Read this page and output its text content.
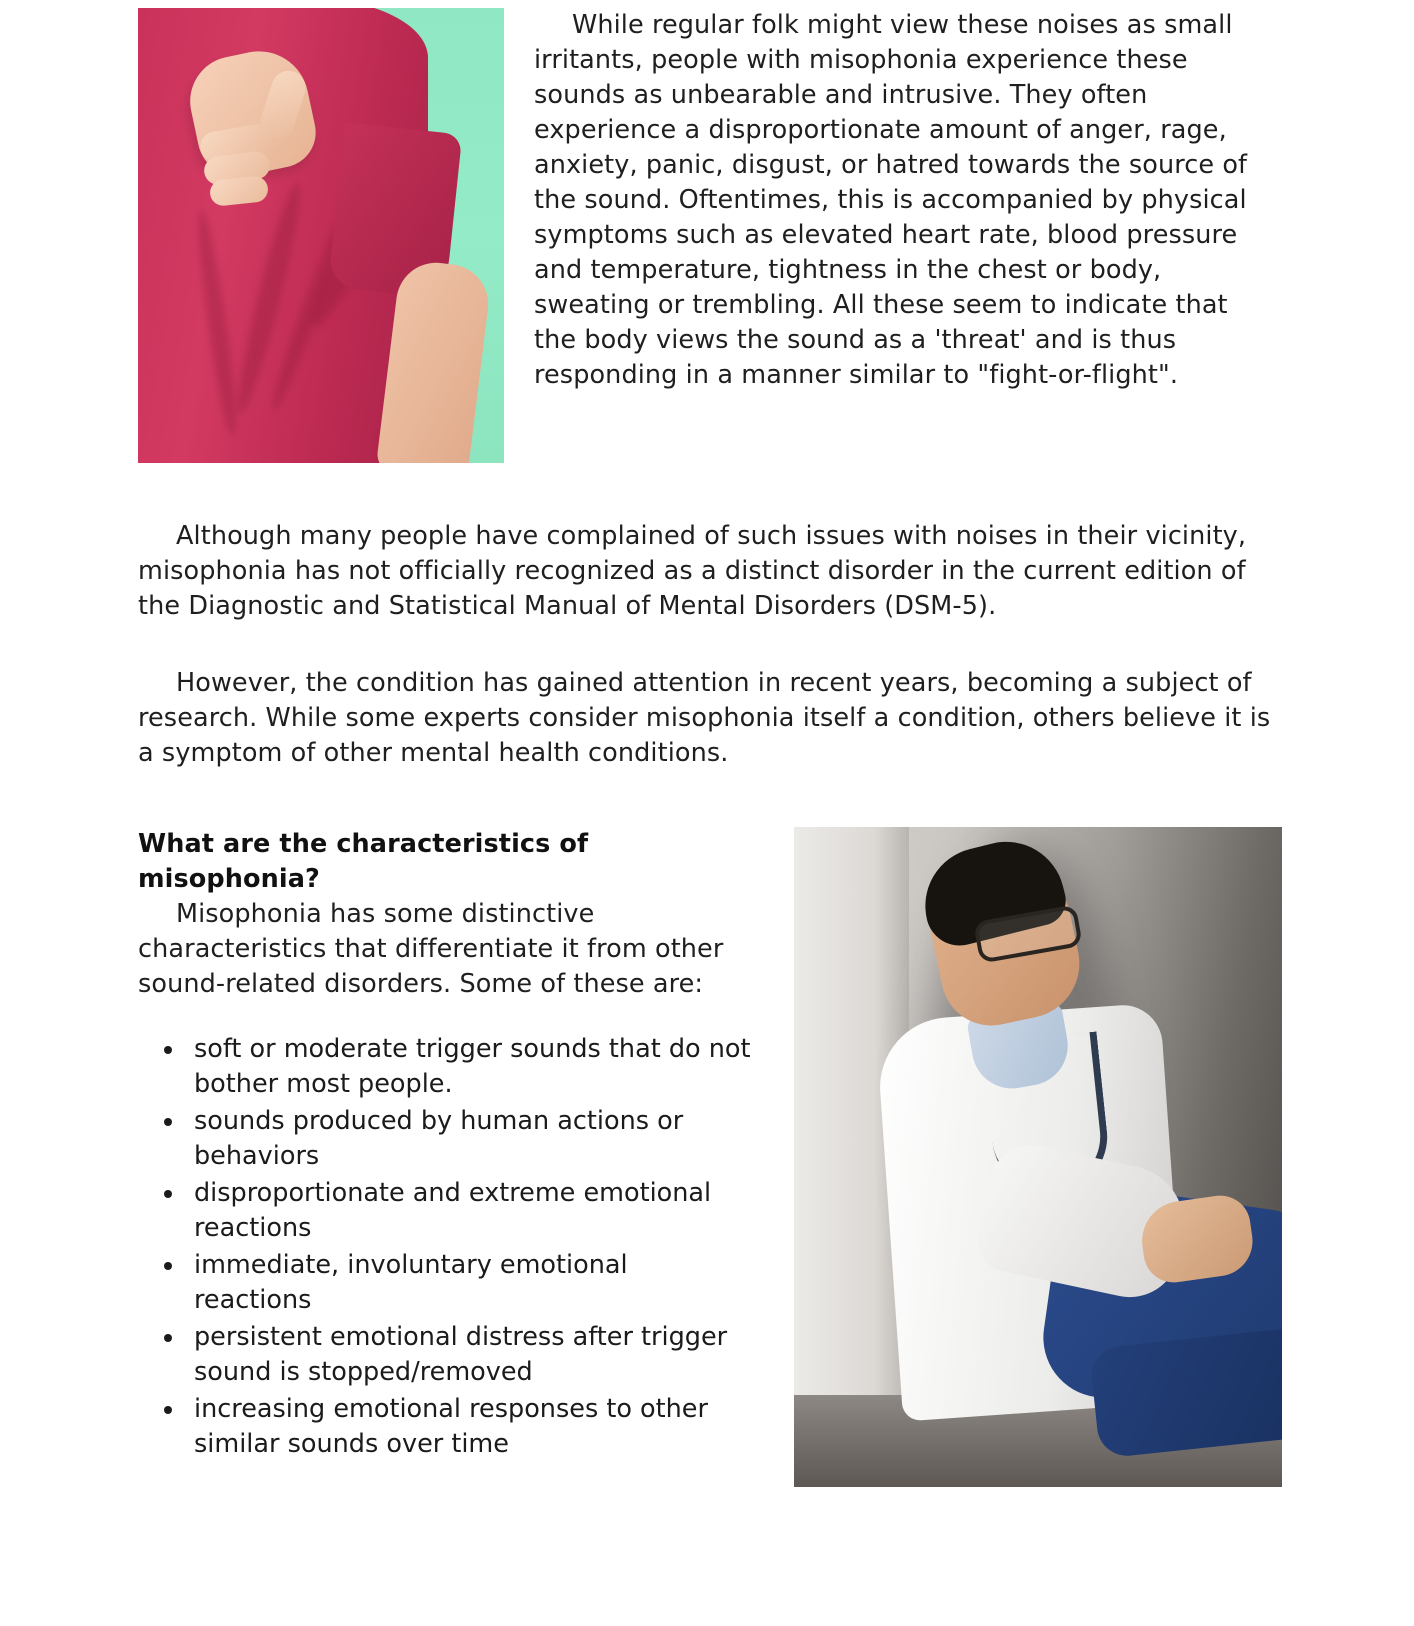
While regular folk might view these noises as small irritants, people with misophonia experience these sounds as unbearable and intrusive. They often experience a disproportionate amount of anger, rage, anxiety, panic, disgust, or hatred towards the source of the sound. Oftentimes, this is accompanied by physical symptoms such as elevated heart rate, blood pressure and temperature, tightness in the chest or body, sweating or trembling. All these seem to indicate that the body views the sound as a 'threat' and is thus responding in a manner similar to "fight-or-flight".

Although many people have complained of such issues with noises in their vicinity, misophonia has not officially recognized as a distinct disorder in the current edition of the Diagnostic and Statistical Manual of Mental Disorders (DSM-5).

However, the condition has gained attention in recent years, becoming a subject of research. While some experts consider misophonia itself a condition, others believe it is a symptom of other mental health conditions.

What are the characteristics of misophonia?

Misophonia has some distinctive characteristics that differentiate it from other sound-related disorders. Some of these are:

• soft or moderate trigger sounds that do not bother most people.
• sounds produced by human actions or behaviors
• disproportionate and extreme emotional reactions
• immediate, involuntary emotional reactions
• persistent emotional distress after trigger sound is stopped/removed
• increasing emotional responses to other similar sounds over time
